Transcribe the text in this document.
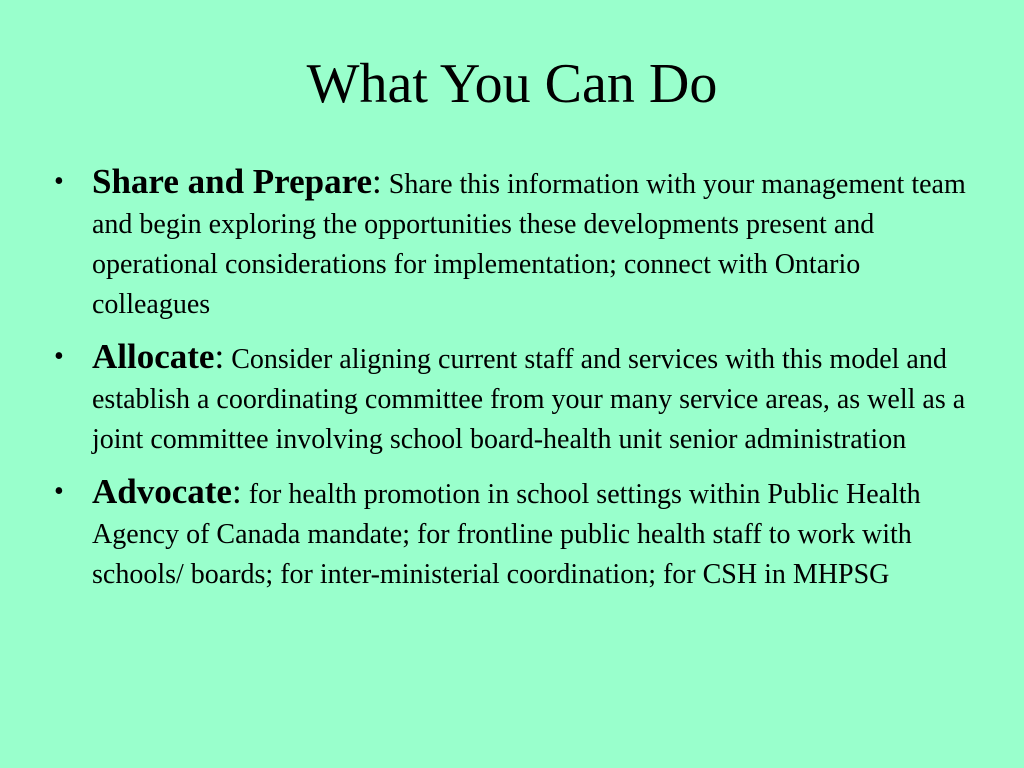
What You Can Do
• Share and Prepare: Share this information with your management team and begin exploring the opportunities these developments present and operational considerations for implementation; connect with Ontario colleagues
• Allocate: Consider aligning current staff and services with this model and establish a coordinating committee from your many service areas, as well as a joint committee involving school board-health unit senior administration
• Advocate: for health promotion in school settings within Public Health Agency of Canada mandate; for frontline public health staff to work with schools/ boards; for inter-ministerial coordination; for CSH in MHPSG
